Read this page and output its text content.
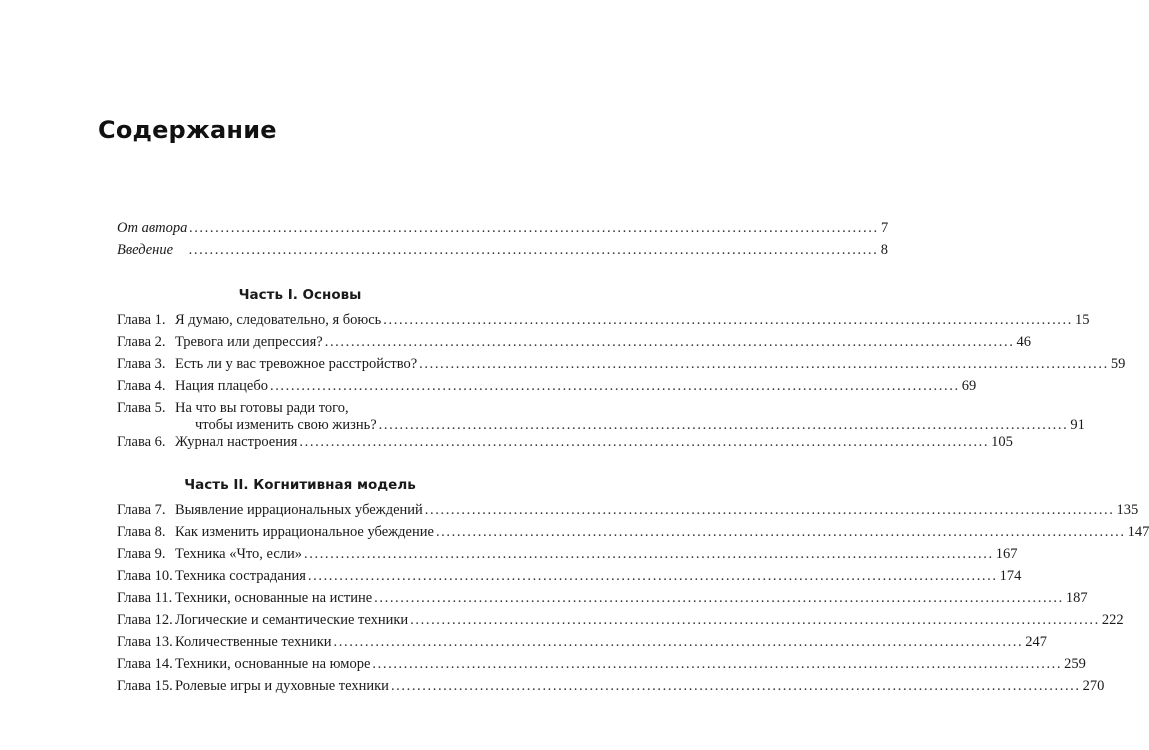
Содержание
От автора .....	7
Введение .....	8
Часть I. Основы
Глава 1. Я думаю, следовательно, я боюсь .....	15
Глава 2. Тревога или депрессия? .....	46
Глава 3. Есть ли у вас тревожное расстройство? .....	59
Глава 4. Нация плацебо .....	69
Глава 5. На что вы готовы ради того,
чтобы изменить свою жизнь? .....	91
Глава 6. Журнал настроения .....	105
Часть II. Когнитивная модель
Глава 7. Выявление иррациональных убеждений .....	135
Глава 8. Как изменить иррациональное убеждение .....	147
Глава 9. Техника «Что, если» .....	167
Глава 10. Техника сострадания .....	174
Глава 11. Техники, основанные на истине .....	187
Глава 12. Логические и семантические техники .....	222
Глава 13. Количественные техники .....	247
Глава 14. Техники, основанные на юморе .....	259
Глава 15. Ролевые игры и духовные техники .....	270
